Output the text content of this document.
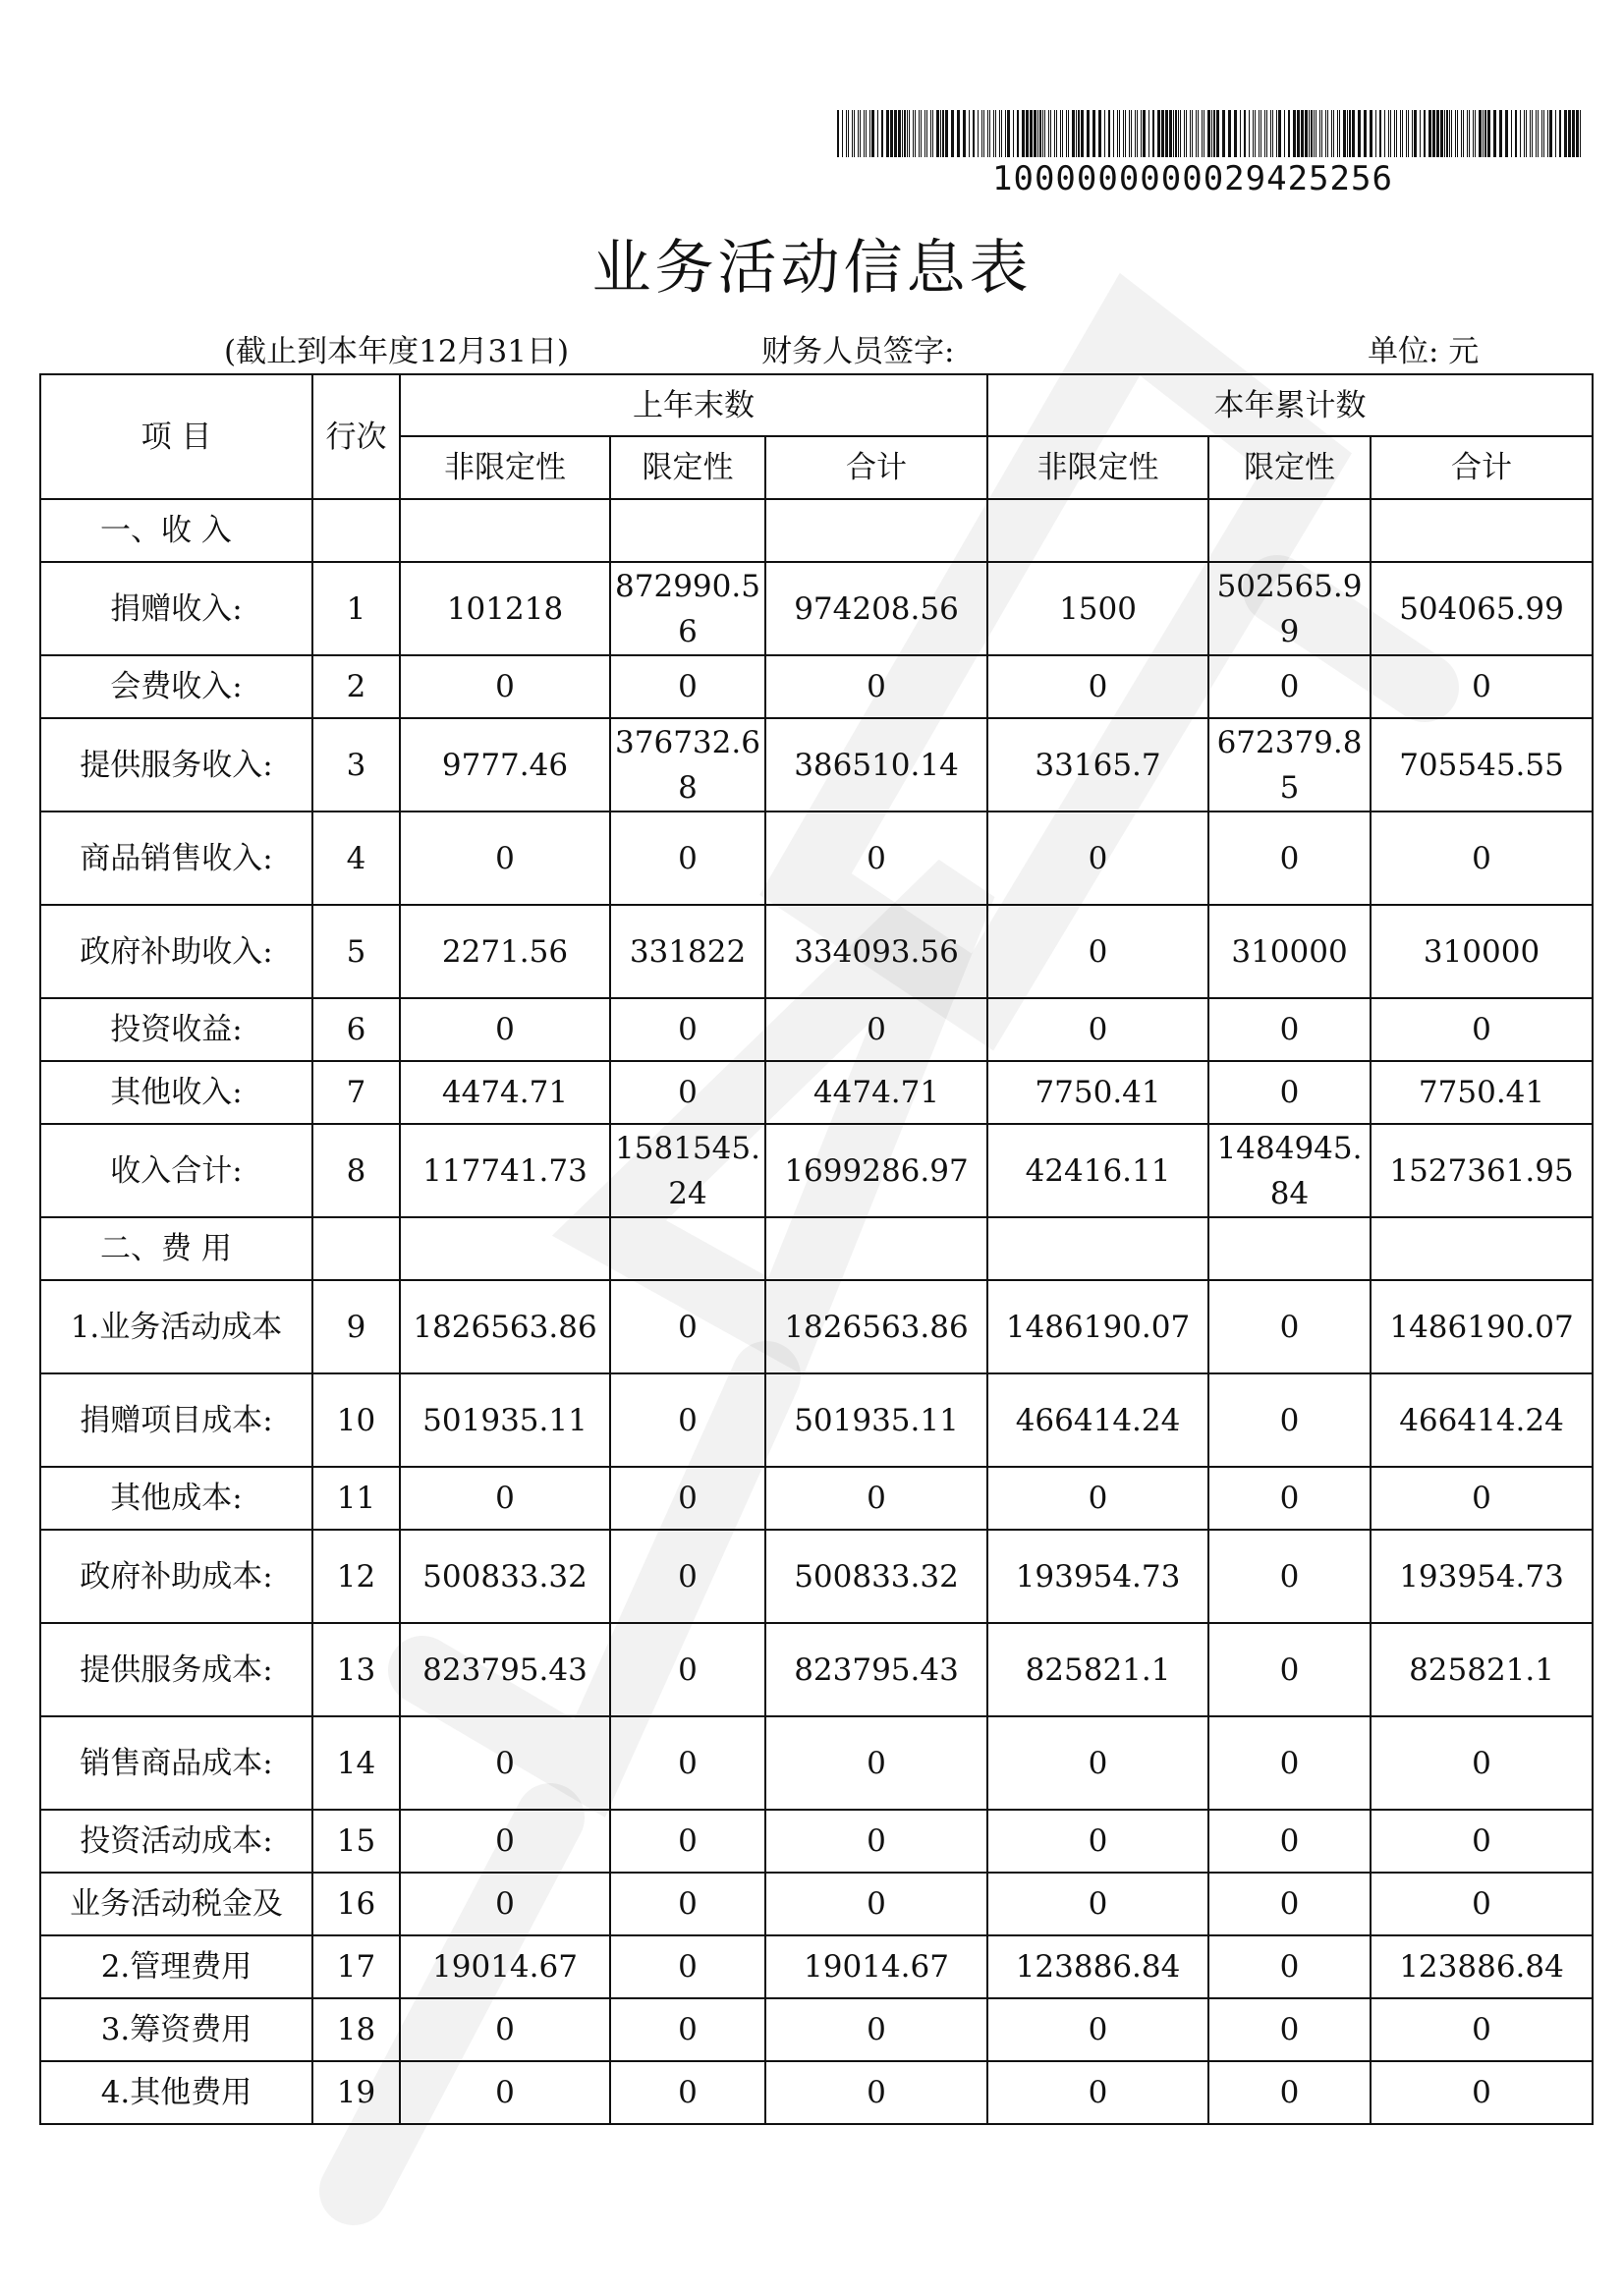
1000000000029425256
业务活动信息表
(截止到本年度12月31日)	财务人员签字:	单位: 元
项 目	行次	上年末数			本年累计数		
		非限定性	限定性	合计	非限定性	限定性	合计
一、收 入							
捐赠收入:	1	101218	872990.56	974208.56	1500	502565.99	504065.99
会费收入:	2	0	0	0	0	0	0
提供服务收入:	3	9777.46	376732.68	386510.14	33165.7	672379.85	705545.55
商品销售收入:	4	0	0	0	0	0	0
政府补助收入:	5	2271.56	331822	334093.56	0	310000	310000
投资收益:	6	0	0	0	0	0	0
其他收入:	7	4474.71	0	4474.71	7750.41	0	7750.41
收入合计:	8	117741.73	1581545.24	1699286.97	42416.11	1484945.84	1527361.95
二、费 用							
1.业务活动成本	9	1826563.86	0	1826563.86	1486190.07	0	1486190.07
捐赠项目成本:	10	501935.11	0	501935.11	466414.24	0	466414.24
其他成本:	11	0	0	0	0	0	0
政府补助成本:	12	500833.32	0	500833.32	193954.73	0	193954.73
提供服务成本:	13	823795.43	0	823795.43	825821.1	0	825821.1
销售商品成本:	14	0	0	0	0	0	0
投资活动成本:	15	0	0	0	0	0	0
业务活动税金及	16	0	0	0	0	0	0
2.管理费用	17	19014.67	0	19014.67	123886.84	0	123886.84
3.筹资费用	18	0	0	0	0	0	0
4.其他费用	19	0	0	0	0	0	0
